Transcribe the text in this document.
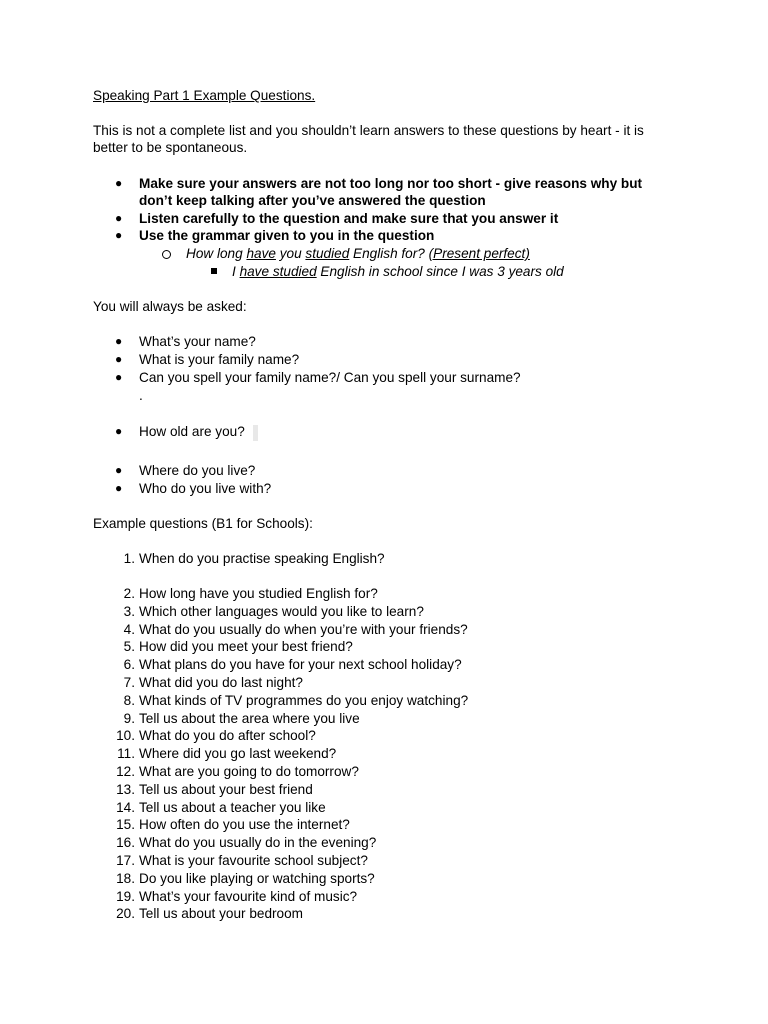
Speaking Part 1 Example Questions.
This is not a complete list and you shouldn’t learn answers to these questions by heart - it is
better to be spontaneous.
● Make sure your answers are not too long nor too short - give reasons why but
don’t keep talking after you’ve answered the question
● Listen carefully to the question and make sure that you answer it
● Use the grammar given to you in the question
How long have you studied English for? (Present perfect)
I have studied English in school since I was 3 years old
You will always be asked:
● What’s your name?
● What is your family name?
● Can you spell your family name?/ Can you spell your surname?
.
● How old are you?
● Where do you live?
● Who do you live with?
Example questions (B1 for Schools):
1. When do you practise speaking English?
2. How long have you studied English for?
3. Which other languages would you like to learn?
4. What do you usually do when you’re with your friends?
5. How did you meet your best friend?
6. What plans do you have for your next school holiday?
7. What did you do last night?
8. What kinds of TV programmes do you enjoy watching?
9. Tell us about the area where you live
10. What do you do after school?
11. Where did you go last weekend?
12. What are you going to do tomorrow?
13. Tell us about your best friend
14. Tell us about a teacher you like
15. How often do you use the internet?
16. What do you usually do in the evening?
17. What is your favourite school subject?
18. Do you like playing or watching sports?
19. What’s your favourite kind of music?
20. Tell us about your bedroom
